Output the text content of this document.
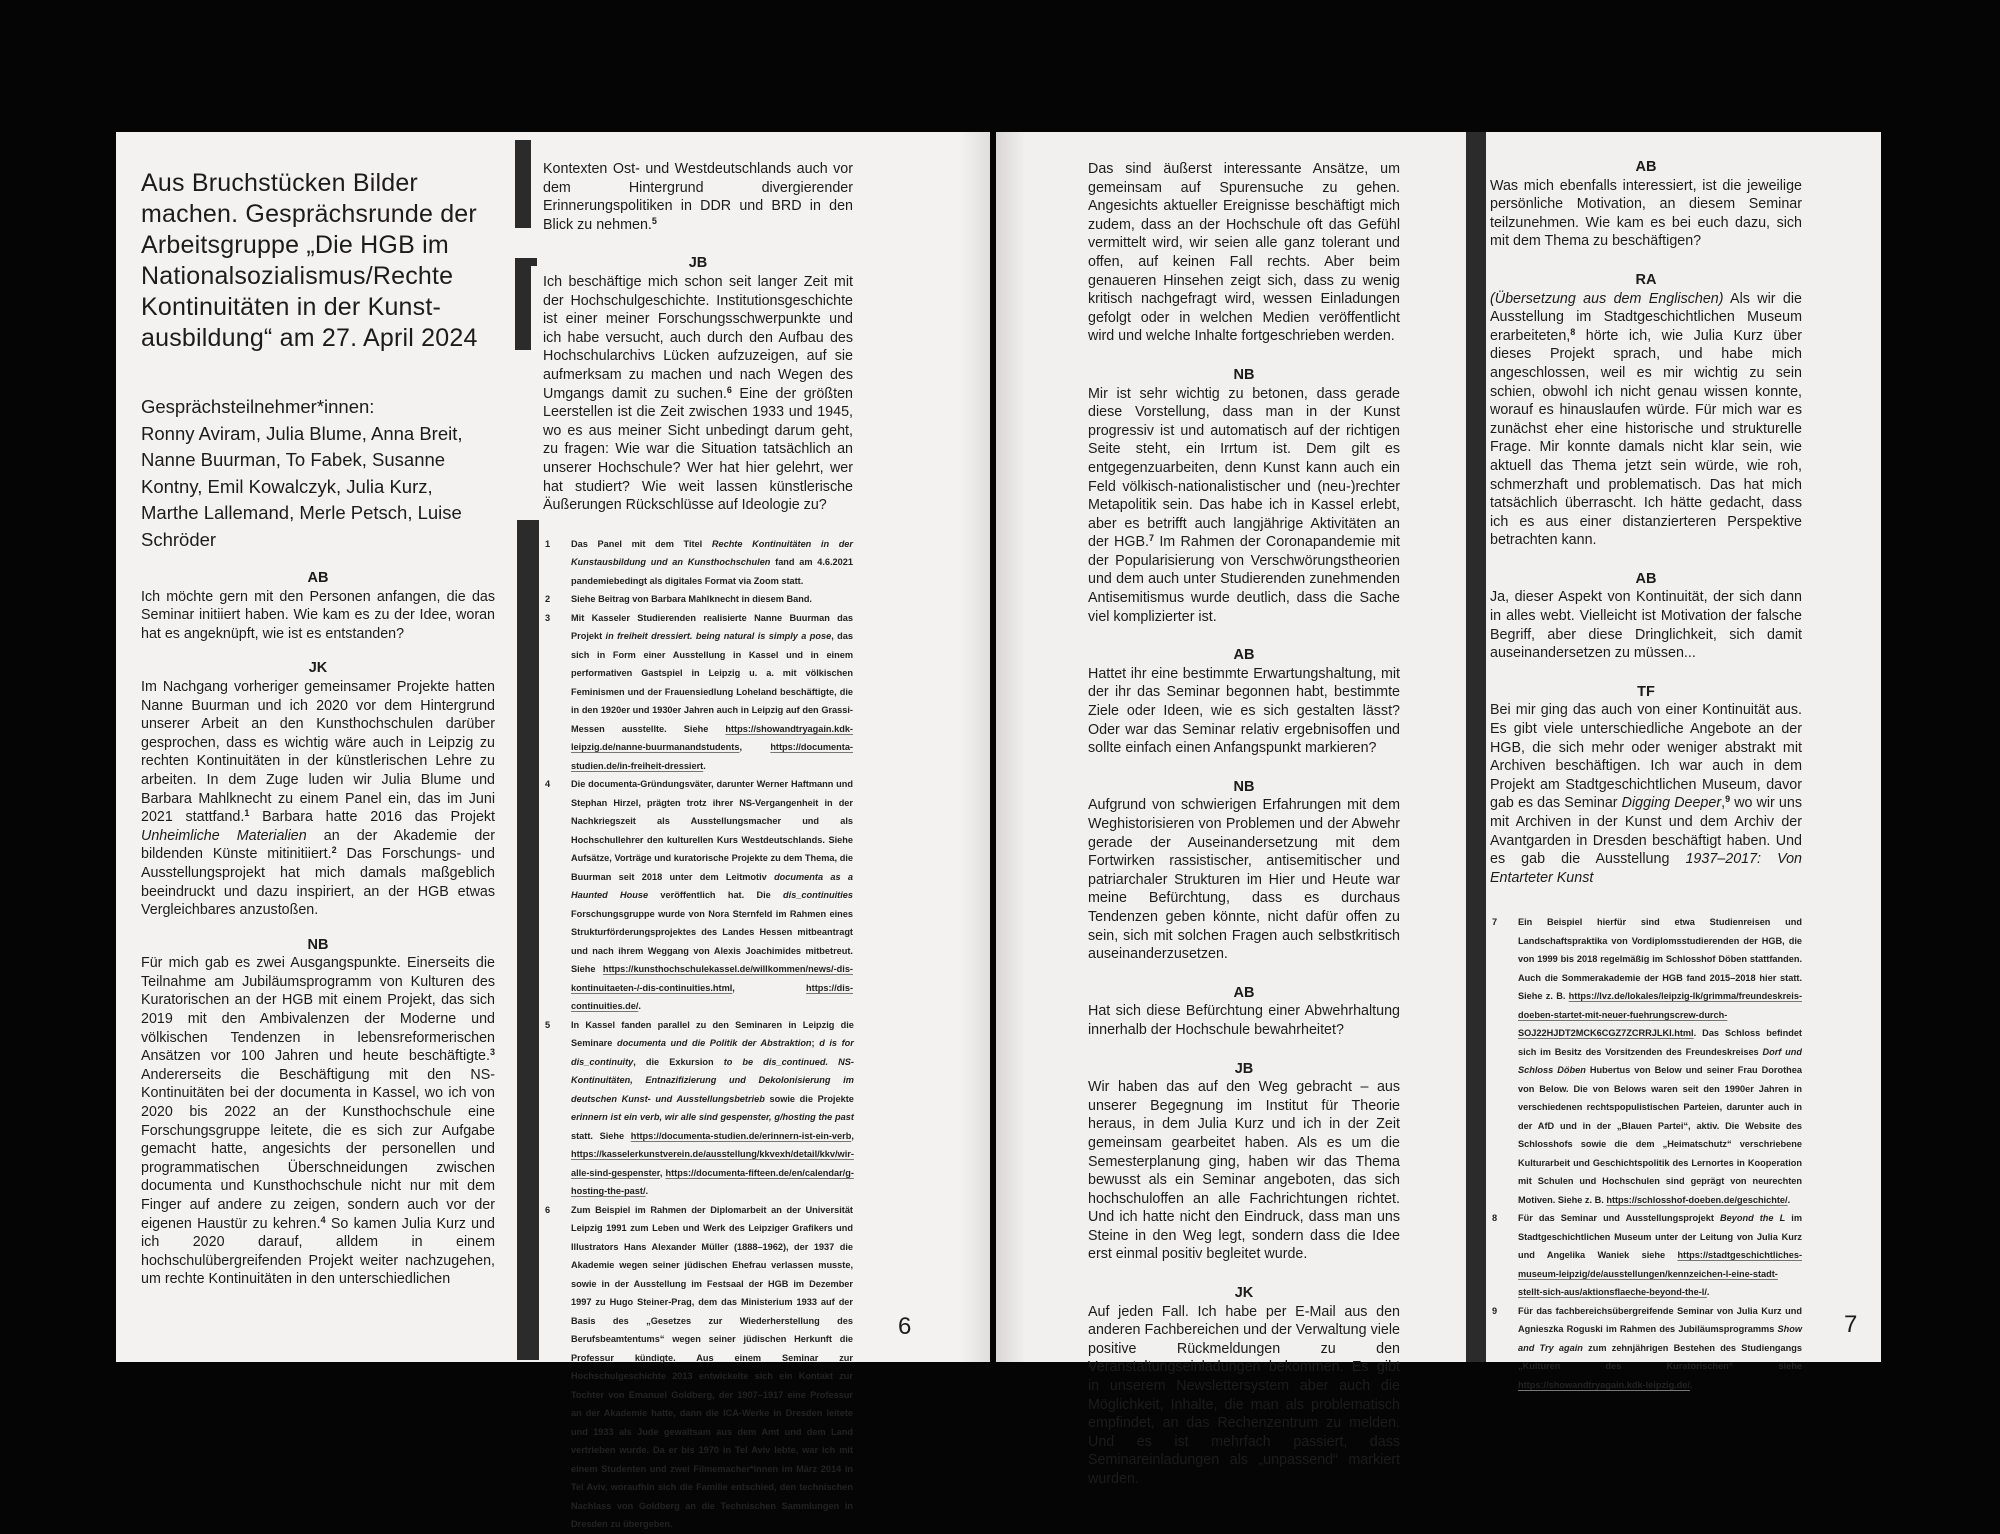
Aus Bruchstücken Bilder machen. Gesprächsrunde der Arbeitsgruppe „Die HGB im Nationalsozialismus/Rechte Kontinuitäten in der Kunst-ausbildung“ am 27. April 2024
Gesprächsteilnehmer*innen:
Ronny Aviram, Julia Blume, Anna Breit, Nanne Buurman, To Fabek, Susanne Kontny, Emil Kowalczyk, Julia Kurz, Marthe Lallemand, Merle Petsch, Luise Schröder
AB

Ich möchte gern mit den Personen anfangen, die das Seminar initiiert haben. Wie kam es zu der Idee, woran hat es angeknüpft, wie ist es entstanden?

JK

Im Nachgang vorheriger gemeinsamer Projekte hatten Nanne Buurman und ich 2020 vor dem Hintergrund unserer Arbeit an den Kunsthochschulen darüber gesprochen, dass es wichtig wäre auch in Leipzig zu rechten Kontinuitäten in der künstlerischen Lehre zu arbeiten. In dem Zuge luden wir Julia Blume und Barbara Mahlknecht zu einem Panel ein, das im Juni 2021 stattfand.$^1$ Barbara hatte 2016 das Projekt Unheimliche Materialien an der Akademie der bildenden Künste mitinitiiert.$^2$ Das Forschungs- und Ausstellungsprojekt hat mich damals maßgeblich beeindruckt und dazu inspiriert, an der HGB etwas Vergleichbares anzustoßen.

NB

Für mich gab es zwei Ausgangspunkte. Einerseits die Teilnahme am Jubiläumsprogramm von Kulturen des Kuratorischen an der HGB mit einem Projekt, das sich 2019 mit den Ambivalenzen der Moderne und völkischen Tendenzen in lebensreformerischen Ansätzen vor 100 Jahren und heute beschäftigte.$^3$ Andererseits die Beschäftigung mit den NS-Kontinuitäten bei der documenta in Kassel, wo ich von 2020 bis 2022 an der Kunsthochschule eine Forschungsgruppe leitete, die es sich zur Aufgabe gemacht hatte, angesichts der personellen und programmatischen Überschneidungen zwischen documenta und Kunsthochschule nicht nur mit dem Finger auf andere zu zeigen, sondern auch vor der eigenen Haustür zu kehren.$^4$ So kamen Julia Kurz und ich 2020 darauf, alldem in einem hochschulübergreifenden Projekt weiter nachzugehen, um rechte Kontinuitäten in den unterschiedlichen

Kontexten Ost- und Westdeutschlands auch vor dem Hintergrund divergierender Erinnerungspolitiken in DDR und BRD in den Blick zu nehmen.$^5$

JB

Ich beschäftige mich schon seit langer Zeit mit der Hochschulgeschichte. Institutionsgeschichte ist einer meiner Forschungsschwerpunkte und ich habe versucht, auch durch den Aufbau des Hochschularchivs Lücken aufzuzeigen, auf sie aufmerksam zu machen und nach Wegen des Umgangs damit zu suchen.$^6$ Eine der größten Leerstellen ist die Zeit zwischen 1933 und 1945, wo es aus meiner Sicht unbedingt darum geht, zu fragen: Wie war die Situation tatsächlich an unserer Hochschule? Wer hat hier gelehrt, wer hat studiert? Wie weit lassen künstlerische Äußerungen Rückschlüsse auf Ideologie zu?

1	Das Panel mit dem Titel Rechte Kontinuitäten in der Kunstausbildung und an Kunsthochschulen fand am 4.6.2021 pandemiebedingt als digitales Format via Zoom statt.
2	Siehe Beitrag von Barbara Mahlknecht in diesem Band.
3	Mit Kasseler Studierenden realisierte Nanne Buurman das Projekt in freiheit dressiert. being natural is simply a pose, das sich in Form einer Ausstellung in Kassel und in einem performativen Gastspiel in Leipzig u. a. mit völkischen Feminismen und der Frauensiedlung Loheland beschäftigte, die in den 1920er und 1930er Jahren auch in Leipzig auf den Grassi-Messen ausstellte. Siehe https://showandtryagain.kdk-leipzig.de/nanne-buurmanandstudents, https://documenta-studien.de/in-freiheit-dressiert.
4	Die documenta-Gründungsväter, darunter Werner Haftmann und Stephan Hirzel, prägten trotz ihrer NS-Vergangenheit in der Nachkriegszeit als Ausstellungsmacher und als Hochschullehrer den kulturellen Kurs Westdeutschlands. Siehe Aufsätze, Vorträge und kuratorische Projekte zu dem Thema, die Buurman seit 2018 unter dem Leitmotiv documenta as a Haunted House veröffentlich hat. Die dis_continuities Forschungsgruppe wurde von Nora Sternfeld im Rahmen eines Strukturförderungsprojektes des Landes Hessen mitbeantragt und nach ihrem Weggang von Alexis Joachimides mitbetreut. Siehe https://kunsthochschulekassel.de/willkommen/news/-dis-kontinuitaeten-/-dis-continuities.html, https://dis-continuities.de/.
5	In Kassel fanden parallel zu den Seminaren in Leipzig die Seminare documenta und die Politik der Abstraktion; d is for dis_continuity, die Exkursion to be dis_continued. NS-Kontinuitäten, Entnazifizierung und Dekolonisierung im deutschen Kunst- und Ausstellungsbetrieb sowie die Projekte erinnern ist ein verb, wir alle sind gespenster, g/hosting the past statt. Siehe https://documenta-studien.de/erinnern-ist-ein-verb, https://kasselerkunstverein.de/ausstellung/kkvexh/detail/kkv/wir-alle-sind-gespenster, https://documenta-fifteen.de/en/calendar/g-hosting-the-past/.
6	Zum Beispiel im Rahmen der Diplomarbeit an der Universität Leipzig 1991 zum Leben und Werk des Leipziger Grafikers und Illustrators Hans Alexander Müller (1888–1962), der 1937 die Akademie wegen seiner jüdischen Ehefrau verlassen musste, sowie in der Ausstellung im Festsaal der HGB im Dezember 1997 zu Hugo Steiner-Prag, dem das Ministerium 1933 auf der Basis des „Gesetzes zur Wiederherstellung des Berufsbeamtentums“ wegen seiner jüdischen Herkunft die Professur kündigte. Aus einem Seminar zur Hochschulgeschichte 2013 entwickelte sich ein Kontakt zur Tochter von Emanuel Goldberg, der 1907–1917 eine Professur an der Akademie hatte, dann die ICA-Werke in Dresden leitete und 1933 als Jude gewaltsam aus dem Amt und dem Land vertrieben wurde. Da er bis 1970 in Tel Aviv lebte, war ich mit einem Studenten und zwei Filmemacher*innen im März 2014 in Tel Aviv, woraufhin sich die Familie entschied, den technischen Nachlass von Goldberg an die Technischen Sammlungen in Dresden zu übergeben.
6

Das sind äußerst interessante Ansätze, um gemeinsam auf Spurensuche zu gehen. Angesichts aktueller Ereignisse beschäftigt mich zudem, dass an der Hochschule oft das Gefühl vermittelt wird, wir seien alle ganz tolerant und offen, auf keinen Fall rechts. Aber beim genaueren Hinsehen zeigt sich, dass zu wenig kritisch nachgefragt wird, wessen Einladungen gefolgt oder in welchen Medien veröffentlicht wird und welche Inhalte fortgeschrieben werden.

NB

Mir ist sehr wichtig zu betonen, dass gerade diese Vorstellung, dass man in der Kunst progressiv ist und automatisch auf der richtigen Seite steht, ein Irrtum ist. Dem gilt es entgegenzuarbeiten, denn Kunst kann auch ein Feld völkisch-nationalistischer und (neu-)rechter Metapolitik sein. Das habe ich in Kassel erlebt, aber es betrifft auch langjährige Aktivitäten an der HGB.$^7$ Im Rahmen der Coronapandemie mit der Popularisierung von Verschwörungstheorien und dem auch unter Studierenden zunehmenden Antisemitismus wurde deutlich, dass die Sache viel komplizierter ist.

AB

Hattet ihr eine bestimmte Erwartungshaltung, mit der ihr das Seminar begonnen habt, bestimmte Ziele oder Ideen, wie es sich gestalten lässt? Oder war das Seminar relativ ergebnisoffen und sollte einfach einen Anfangspunkt markieren?

NB

Aufgrund von schwierigen Erfahrungen mit dem Weghistorisieren von Problemen und der Abwehr gerade der Auseinandersetzung mit dem Fortwirken rassistischer, antisemitischer und patriarchaler Strukturen im Hier und Heute war meine Befürchtung, dass es durchaus Tendenzen geben könnte, nicht dafür offen zu sein, sich mit solchen Fragen auch selbstkritisch auseinanderzusetzen.

AB

Hat sich diese Befürchtung einer Abwehrhaltung innerhalb der Hochschule bewahrheitet?

JB

Wir haben das auf den Weg gebracht – aus unserer Begegnung im Institut für Theorie heraus, in dem Julia Kurz und ich in der Zeit gemeinsam gearbeitet haben. Als es um die Semesterplanung ging, haben wir das Thema bewusst als ein Seminar angeboten, das sich hochschuloffen an alle Fachrichtungen richtet. Und ich hatte nicht den Eindruck, dass man uns Steine in den Weg legt, sondern dass die Idee erst einmal positiv begleitet wurde.

JK

Auf jeden Fall. Ich habe per E-Mail aus den anderen Fachbereichen und der Verwaltung viele positive Rückmeldungen zu den Veranstaltungseinladungen bekommen. Es gibt in unserem Newslettersystem aber auch die Möglichkeit, Inhalte, die man als problematisch empfindet, an das Rechenzentrum zu melden. Und es ist mehrfach passiert, dass Seminareinladungen als „unpassend“ markiert wurden.

AB

Was mich ebenfalls interessiert, ist die jeweilige persönliche Motivation, an diesem Seminar teilzunehmen. Wie kam es bei euch dazu, sich mit dem Thema zu beschäftigen?

RA

(Übersetzung aus dem Englischen) Als wir die Ausstellung im Stadtgeschichtlichen Museum erarbeiteten,$^8$ hörte ich, wie Julia Kurz über dieses Projekt sprach, und habe mich angeschlossen, weil es mir wichtig zu sein schien, obwohl ich nicht genau wissen konnte, worauf es hinauslaufen würde. Für mich war es zunächst eher eine historische und strukturelle Frage. Mir konnte damals nicht klar sein, wie aktuell das Thema jetzt sein würde, wie roh, schmerzhaft und problematisch. Das hat mich tatsächlich überrascht. Ich hätte gedacht, dass ich es aus einer distanzierteren Perspektive betrachten kann.

AB

Ja, dieser Aspekt von Kontinuität, der sich dann in alles webt. Vielleicht ist Motivation der falsche Begriff, aber diese Dringlichkeit, sich damit auseinandersetzen zu müssen...

TF

Bei mir ging das auch von einer Kontinuität aus. Es gibt viele unterschiedliche Angebote an der HGB, die sich mehr oder weniger abstrakt mit Archiven beschäftigen. Ich war auch in dem Projekt am Stadtgeschichtlichen Museum, davor gab es das Seminar Digging Deeper,$^9$ wo wir uns mit Archiven in der Kunst und dem Archiv der Avantgarden in Dresden beschäftigt haben. Und es gab die Ausstellung 1937–2017: Von Entarteter Kunst

7	Ein Beispiel hierfür sind etwa Studienreisen und Landschaftspraktika von Vordiplomsstudierenden der HGB, die von 1999 bis 2018 regelmäßig im Schlosshof Döben stattfanden. Auch die Sommerakademie der HGB fand 2015–2018 hier statt. Siehe z. B. https://lvz.de/lokales/leipzig-lk/grimma/freundeskreis-doeben-startet-mit-neuer-fuehrungscrew-durch-SOJ22HJDT2MCK6CGZ7ZCRRJLKI.html. Das Schloss befindet sich im Besitz des Vorsitzenden des Freundeskreises Dorf und Schloss Döben Hubertus von Below und seiner Frau Dorothea von Below. Die von Belows waren seit den 1990er Jahren in verschiedenen rechtspopulistischen Parteien, darunter auch in der AfD und in der „Blauen Partei“, aktiv. Die Website des Schlosshofs sowie die dem „Heimatschutz“ verschriebene Kulturarbeit und Geschichtspolitik des Lernortes in Kooperation mit Schulen und Hochschulen sind geprägt von neurechten Motiven. Siehe z. B. https://schlosshof-doeben.de/geschichte/.
8	Für das Seminar und Ausstellungsprojekt Beyond the L im Stadtgeschichtlichen Museum unter der Leitung von Julia Kurz und Angelika Waniek siehe https://stadtgeschichtliches-museum-leipzig/de/ausstellungen/kennzeichen-l-eine-stadt-stellt-sich-aus/aktionsflaeche-beyond-the-l/.
9	Für das fachbereichsübergreifende Seminar von Julia Kurz und Agnieszka Roguski im Rahmen des Jubiläumsprogramms Show and Try again zum zehnjährigen Bestehen des Studiengangs „Kulturen des Kuratorischen“ siehe https://showandtryagain.kdk-leipzig.de/.
7
